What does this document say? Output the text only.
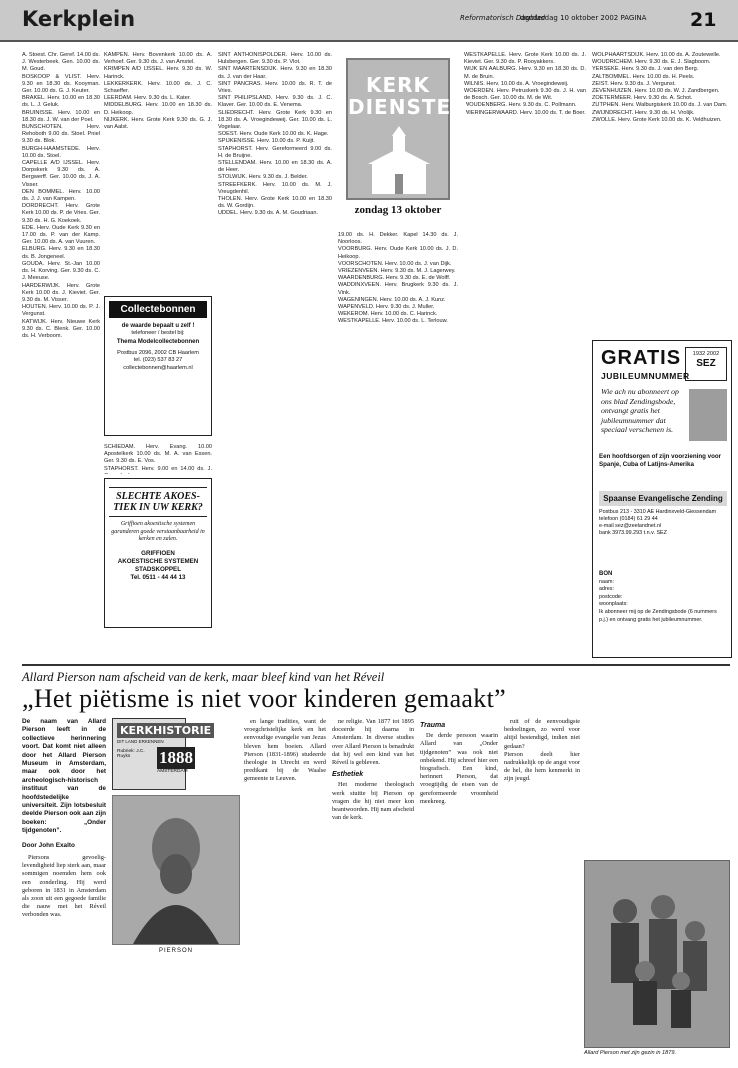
Kerkplein	Reformatorisch Dagblad
donderdag 10 oktober 2002 PAGINA 21
A. Stoest. Chr. Geref. 14.00 ds. J. Westerbeek. Gen. 10.00 ds. M. Goud.
BOSKOOP & VLIST. Herv. 9.30 en 18.30 ds. Kooyman. Ger. 10.00 ds. G. J. Keuter.
BRAKEL. Herv. 10.00 en 18.30 ds. L. J. Geluk.
BRUINISSE. Herv. 10.00 en 18.30 ds. J. W. van der Poel.
BUNSCHOTEN. Herv. Rehoboth 9.00 ds. Stoel. Pniel 9.30 ds. Blok.
BURGH-HAAMSTEDE. Herv. 10.00 ds. Stoel.
CAPELLE A/D IJSSEL. Herv. Dorpskerk 9.30 ds. A. Bergwerff. Ger. 10.00 ds. J. A. Visser.
DEN BOMMEL. Herv. 10.00 ds. J. J. van Kampen.
DORDRECHT. Herv. Grote Kerk 10.00 ds. P. de Vries. Ger. 9.30 ds. H. G. Koekoek.
EDE. Herv. Oude Kerk 9.30 en 17.00 ds. P. van der Kamp. Ger. 10.00 ds. A. van Vuuren.
ELBURG. Herv. 9.30 en 18.30 ds. B. Jongeneel.
GOUDA. Herv. St.-Jan 10.00 ds. H. Korving. Ger. 9.30 ds. C. J. Meeuse.
HARDERWIJK. Herv. Grote Kerk 10.00 ds. J. Kieviet. Ger. 9.30 ds. M. Visser.
HOUTEN. Herv. 10.00 ds. P. J. Vergunst.
KATWIJK. Herv. Nieuwe Kerk 9.30 ds. C. Blenk. Ger. 10.00 ds. H. Verboom.
KAMPEN. Herv. Bovenkerk 10.00 ds. A. Verhoef. Ger. 9.30 ds. J. van Amstel.
KRIMPEN A/D IJSSEL. Herv. 9.30 ds. W. Harinck.
LEKKERKERK. Herv. 10.00 ds. J. C. Schaeffer.
LEERDAM. Herv. 9.30 ds. L. Kater.
MIDDELBURG. Herv. 10.00 en 18.30 ds. D. Heikoop.
NIJKERK. Herv. Grote Kerk 9.30 ds. G. J. van Aalst.
SCHIEDAM. Herv. Evang. 10.00 Apostelkerk 10.00 ds. M. A. van Essen. Ger. 9.30 ds. E. Vos.
STAPHORST. Herv. 9.00 en 14.00 ds. J.

SINT ANTHONISPOLDER. Herv. 10.00 ds. Hulsbergen. Ger. 9.30 ds. P. Vlot.
SINT MAARTENSDIJK. Herv. 9.30 en 18.30 ds. J. van der Haar.
SINT PANCRAS. Herv. 10.00 ds. R. T. de Vries.
SINT PHILIPSLAND. Herv. 9.30 ds. J. C. Klaver. Ger. 10.00 ds. E. Venema.
SLIEDRECHT. Herv. Grote Kerk 9.30 en 18.30 ds. A. Vroegindeweij. Ger. 10.00 ds. L. Vogelaar.
SOEST. Herv. Oude Kerk 10.00 ds. K. Hage.
SPIJKENISSE. Herv. 10.00 ds. P. Kuijt.
STAPHORST. Herv. Gereformeerd 9.00 ds. H. de Bruijne.
STELLENDAM. Herv. 10.00 en 18.30 ds. A. de Heer.
STOLWIJK. Herv. 9.30 ds. J. Belder.
STREEFKERK. Herv. 10.00 ds. M. J. Vreugdenhil.
THOLEN. Herv. Grote Kerk 10.00 en 18.30 ds. W. Gordijn.
UDDEL. Herv. 9.30 ds. A. M. Goudriaan.
19.00 ds. H. Dekker. Kapel 14.30 ds. J. Noorloos.
VOORBURG. Herv. Oude Kerk 10.00 ds. J. D. Heikoop.
VOORSCHOTEN. Herv. 10.00 ds. J. van Dijk.
VRIEZENVEEN. Herv. 9.30 ds. M. J. Lagerwey.
WAARDENBURG. Herv. 9.30 ds. E. de Wolff.
WADDINXVEEN. Herv. Brugkerk 9.30 ds. J. Vink.
WAGENINGEN. Herv. 10.00 ds. A. J. Kunz.
WAPENVELD. Herv. 9.30 ds. J. Muller.
WEKEROM. Herv. 10.00 ds. C. Harinck.
WESTKAPELLE. Herv. 10.00 ds. L. Terlouw.
WESTKAPELLE. Herv. Grote Kerk 10.00 ds. J. Kieviet. Ger. 9.30 ds. P. Rooyakkers.
WIJK EN AALBURG. Herv. 9.30 en 18.30 ds. D. M. de Bruin.
WILNIS. Herv. 10.00 ds. A. Vroegindeweij.
WOERDEN. Herv. Petruskerk 9.30 ds. J. H. van de Bosch. Ger. 10.00 ds. M. de Wit.
WOUDENBERG. Herv. 9.30 ds. C. Pollmann.
WIERINGERWAARD. Herv. 10.00 ds. T. de Boer.
WOLPHAARTSDIJK. Herv. 10.00 ds. A. Zoutewelle.
WOUDRICHEM. Herv. 9.30 ds. E. J. Slagboom.
YERSEKE. Herv. 9.30 ds. J. van den Berg.
ZALTBOMMEL. Herv. 10.00 ds. H. Peels.
ZEIST. Herv. 9.30 ds. J. Vergunst.
ZEVENHUIZEN. Herv. 10.00 ds. W. J. Zandbergen.
ZOETERMEER. Herv. 9.30 ds. A. Schot.
ZUTPHEN. Herv. Walburgiskerk 10.00 ds. J. van Dam.
ZWIJNDRECHT. Herv. 9.30 ds. H. Vrolijk.
ZWOLLE. Herv. Grote Kerk 10.00 ds. K. Veldhuizen.
Collectebonnen
de waarde bepaalt u zelf !
telefoneer / bestel bij:
Thema Modelcollectebonnen
Postbus 2096, 2002 CB Haarlem
tel. (023) 537 83 27
collectebonnen@haarlem.nl
SLECHTE AKOES-TIEK IN UW KERK?
Griffioen akoestische systemen garanderen goede verstaanbaarheid in kerken en zalen.
GRIFFIOEN
AKOESTISCHE SYSTEMEN
STADSKOPPEL
Tel. 0511 - 44 44 13
KERK
DIENSTEN
zondag 13 oktober
GRATIS	1932 2002
SEZ
JUBILEUMNUMMER
Wie ach nu abonneert op ons blad Zendingsbode, ontvangt gratis het jubileumnummer dat speciaal verschenen is.
Een hoofdsorgen of zijn voorziening voor Spanje, Cuba of Latijns-Amerika
Spaanse Evangelische Zending
Postbus 213 - 3310 AE Hardinxveld-Giessendam
telefoon (0184) 61 29 44
e-mail sez@zeelandnet.nl
bank 3973.99.293 t.n.v. SEZ
BON
naam:
adres:
postcode:
woonplaats:
Ik abonneer mij op de Zendingsbode (6 nummers p.j.) en ontvang gratis het jubileumnummer.
Allard Pierson nam afscheid van de kerk, maar bleef kind van het Réveil
„Het piëtisme is niet voor kinderen gemaakt”
De naam van Allard Pierson leeft in de collectieve herinnering voort. Dat komt niet alleen door het Allard Pierson Museum in Amsterdam, maar ook door het archeologisch-historisch instituut van de hoofdstedelijke universiteit. Zijn lotsbesluit deelde Pierson ook aan zijn boeken: „Onder tijdgenoten”.
Door John Exalto

Piersons gevoelig-levendigheid liep sterk aan, maar sommigen noemden hem ook een zonderling. Hij werd geboren in 1831 in Amsterdam als zoon uit een gegoede familie die nauw met het Réveil verbonden was.

KERKHISTORIE
DIT LAND ERKENNEN
Rubriek: J.C. Ruyks	1888
AMSTERDAM
PIERSON

en lange tradities, want de vroegchristelijke kerk en het eenvoudige evangelie van Jezus bleven hem boeien. Allard Pierson (1831-1896) studeerde theologie in Utrecht en werd predikant bij de Waalse gemeente te Leuven.

ne religie. Van 1877 tot 1895 doceerde hij daarna in Amsterdam. In diverse studies over Allard Pierson is benadrukt dat hij wel een kind van het Réveil is gebleven.

Esthetiek

Het moderne theologisch werk stuitte bij Pierson op vragen die hij niet meer kon beantwoorden. Hij nam afscheid van de kerk.

Trauma

De derde persoon waarin Allard van „Onder tijdgenoten” was ook niet onbekend. Hij schreef hier een biografisch. Een kind, herinnert Pierson, dat vroegtijdig de eisen van de gereformeerde vroomheid meekreeg.

ruit of de eenvoudigste bedoelingen, zo werd voor altijd bestendigd, indien niet gedaan?
Pierson deelt hier nadrukkelijk op de angst voor de hel, die hem kenmerkt in zijn jeugd.

Allard Pierson met zijn gezin in 1879.
